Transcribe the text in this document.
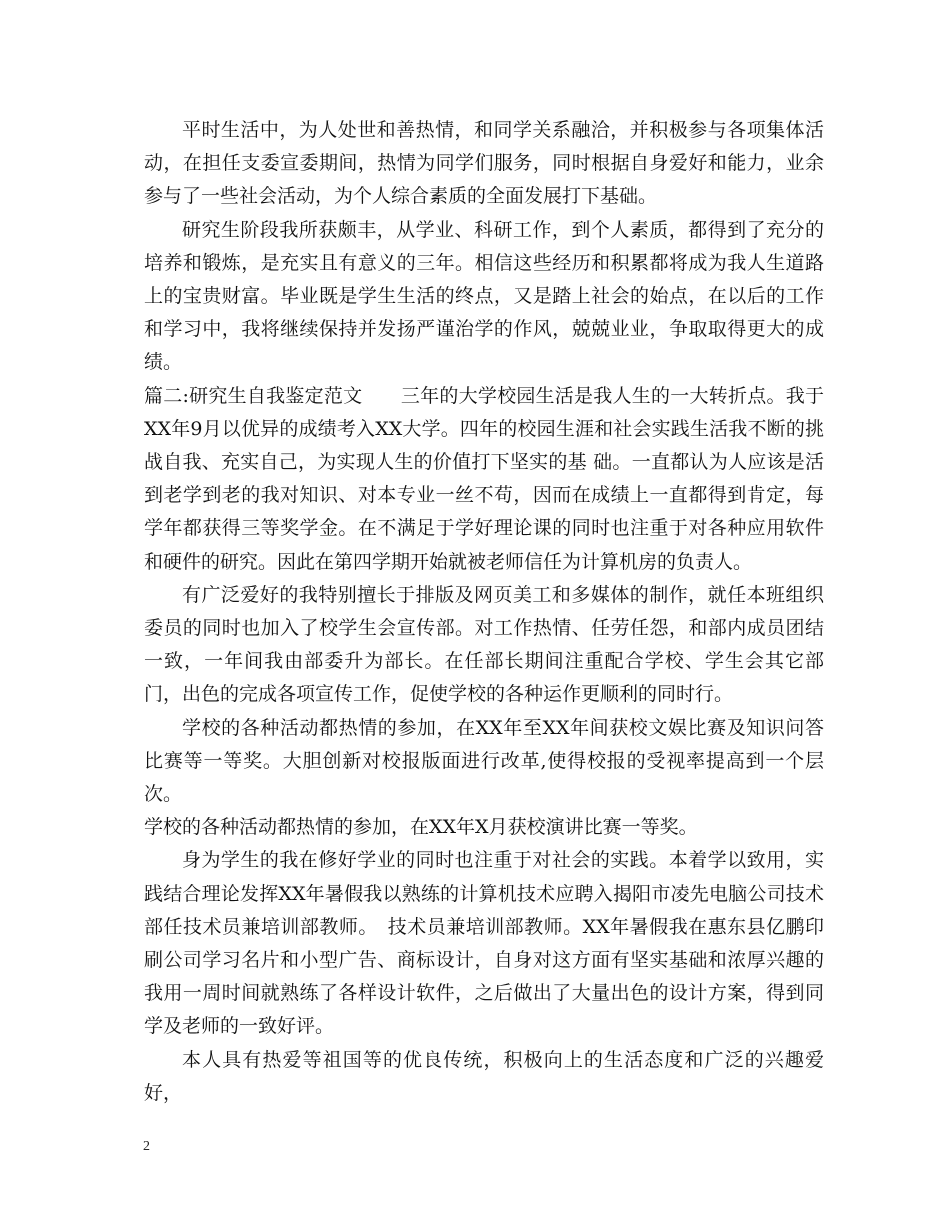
平时生活中，为人处世和善热情，和同学关系融洽，并积极参与各项集体活动，在担任支委宣委期间，热情为同学们服务，同时根据自身爱好和能力，业余参与了一些社会活动，为个人综合素质的全面发展打下基础。

研究生阶段我所获颇丰，从学业、科研工作，到个人素质，都得到了充分的培养和锻炼，是充实且有意义的三年。相信这些经历和积累都将成为我人生道路上的宝贵财富。毕业既是学生生活的终点，又是踏上社会的始点，在以后的工作和学习中，我将继续保持并发扬严谨治学的作风，兢兢业业，争取取得更大的成绩。

篇二:研究生自我鉴定范文　　三年的大学校园生活是我人生的一大转折点。我于XX年9月以优异的成绩考入XX大学。四年的校园生涯和社会实践生活我不断的挑战自我、充实自己，为实现人生的价值打下坚实的基 础。一直都认为人应该是活到老学到老的我对知识、对本专业一丝不苟，因而在成绩上一直都得到肯定，每学年都获得三等奖学金。在不满足于学好理论课的同时也注重于对各种应用软件和硬件的研究。因此在第四学期开始就被老师信任为计算机房的负责人。

有广泛爱好的我特别擅长于排版及网页美工和多媒体的制作，就任本班组织委员的同时也加入了校学生会宣传部。对工作热情、任劳任怨，和部内成员团结一致，一年间我由部委升为部长。在任部长期间注重配合学校、学生会其它部门，出色的完成各项宣传工作，促使学校的各种运作更顺利的同时行。

学校的各种活动都热情的参加，在XX年至XX年间获校文娱比赛及知识问答比赛等一等奖。大胆创新对校报版面进行改革,使得校报的受视率提高到一个层次。

学校的各种活动都热情的参加，在XX年X月获校演讲比赛一等奖。

身为学生的我在修好学业的同时也注重于对社会的实践。本着学以致用，实践结合理论发挥XX年暑假我以熟练的计算机技术应聘入揭阳市凌先电脑公司技术部任技术员兼培训部教师。　技术员兼培训部教师。XX年暑假我在惠东县亿鹏印刷公司学习名片和小型广告、商标设计，自身对这方面有坚实基础和浓厚兴趣的我用一周时间就熟练了各样设计软件，之后做出了大量出色的设计方案，得到同学及老师的一致好评。

本人具有热爱等祖国等的优良传统，积极向上的生活态度和广泛的兴趣爱好，

2
